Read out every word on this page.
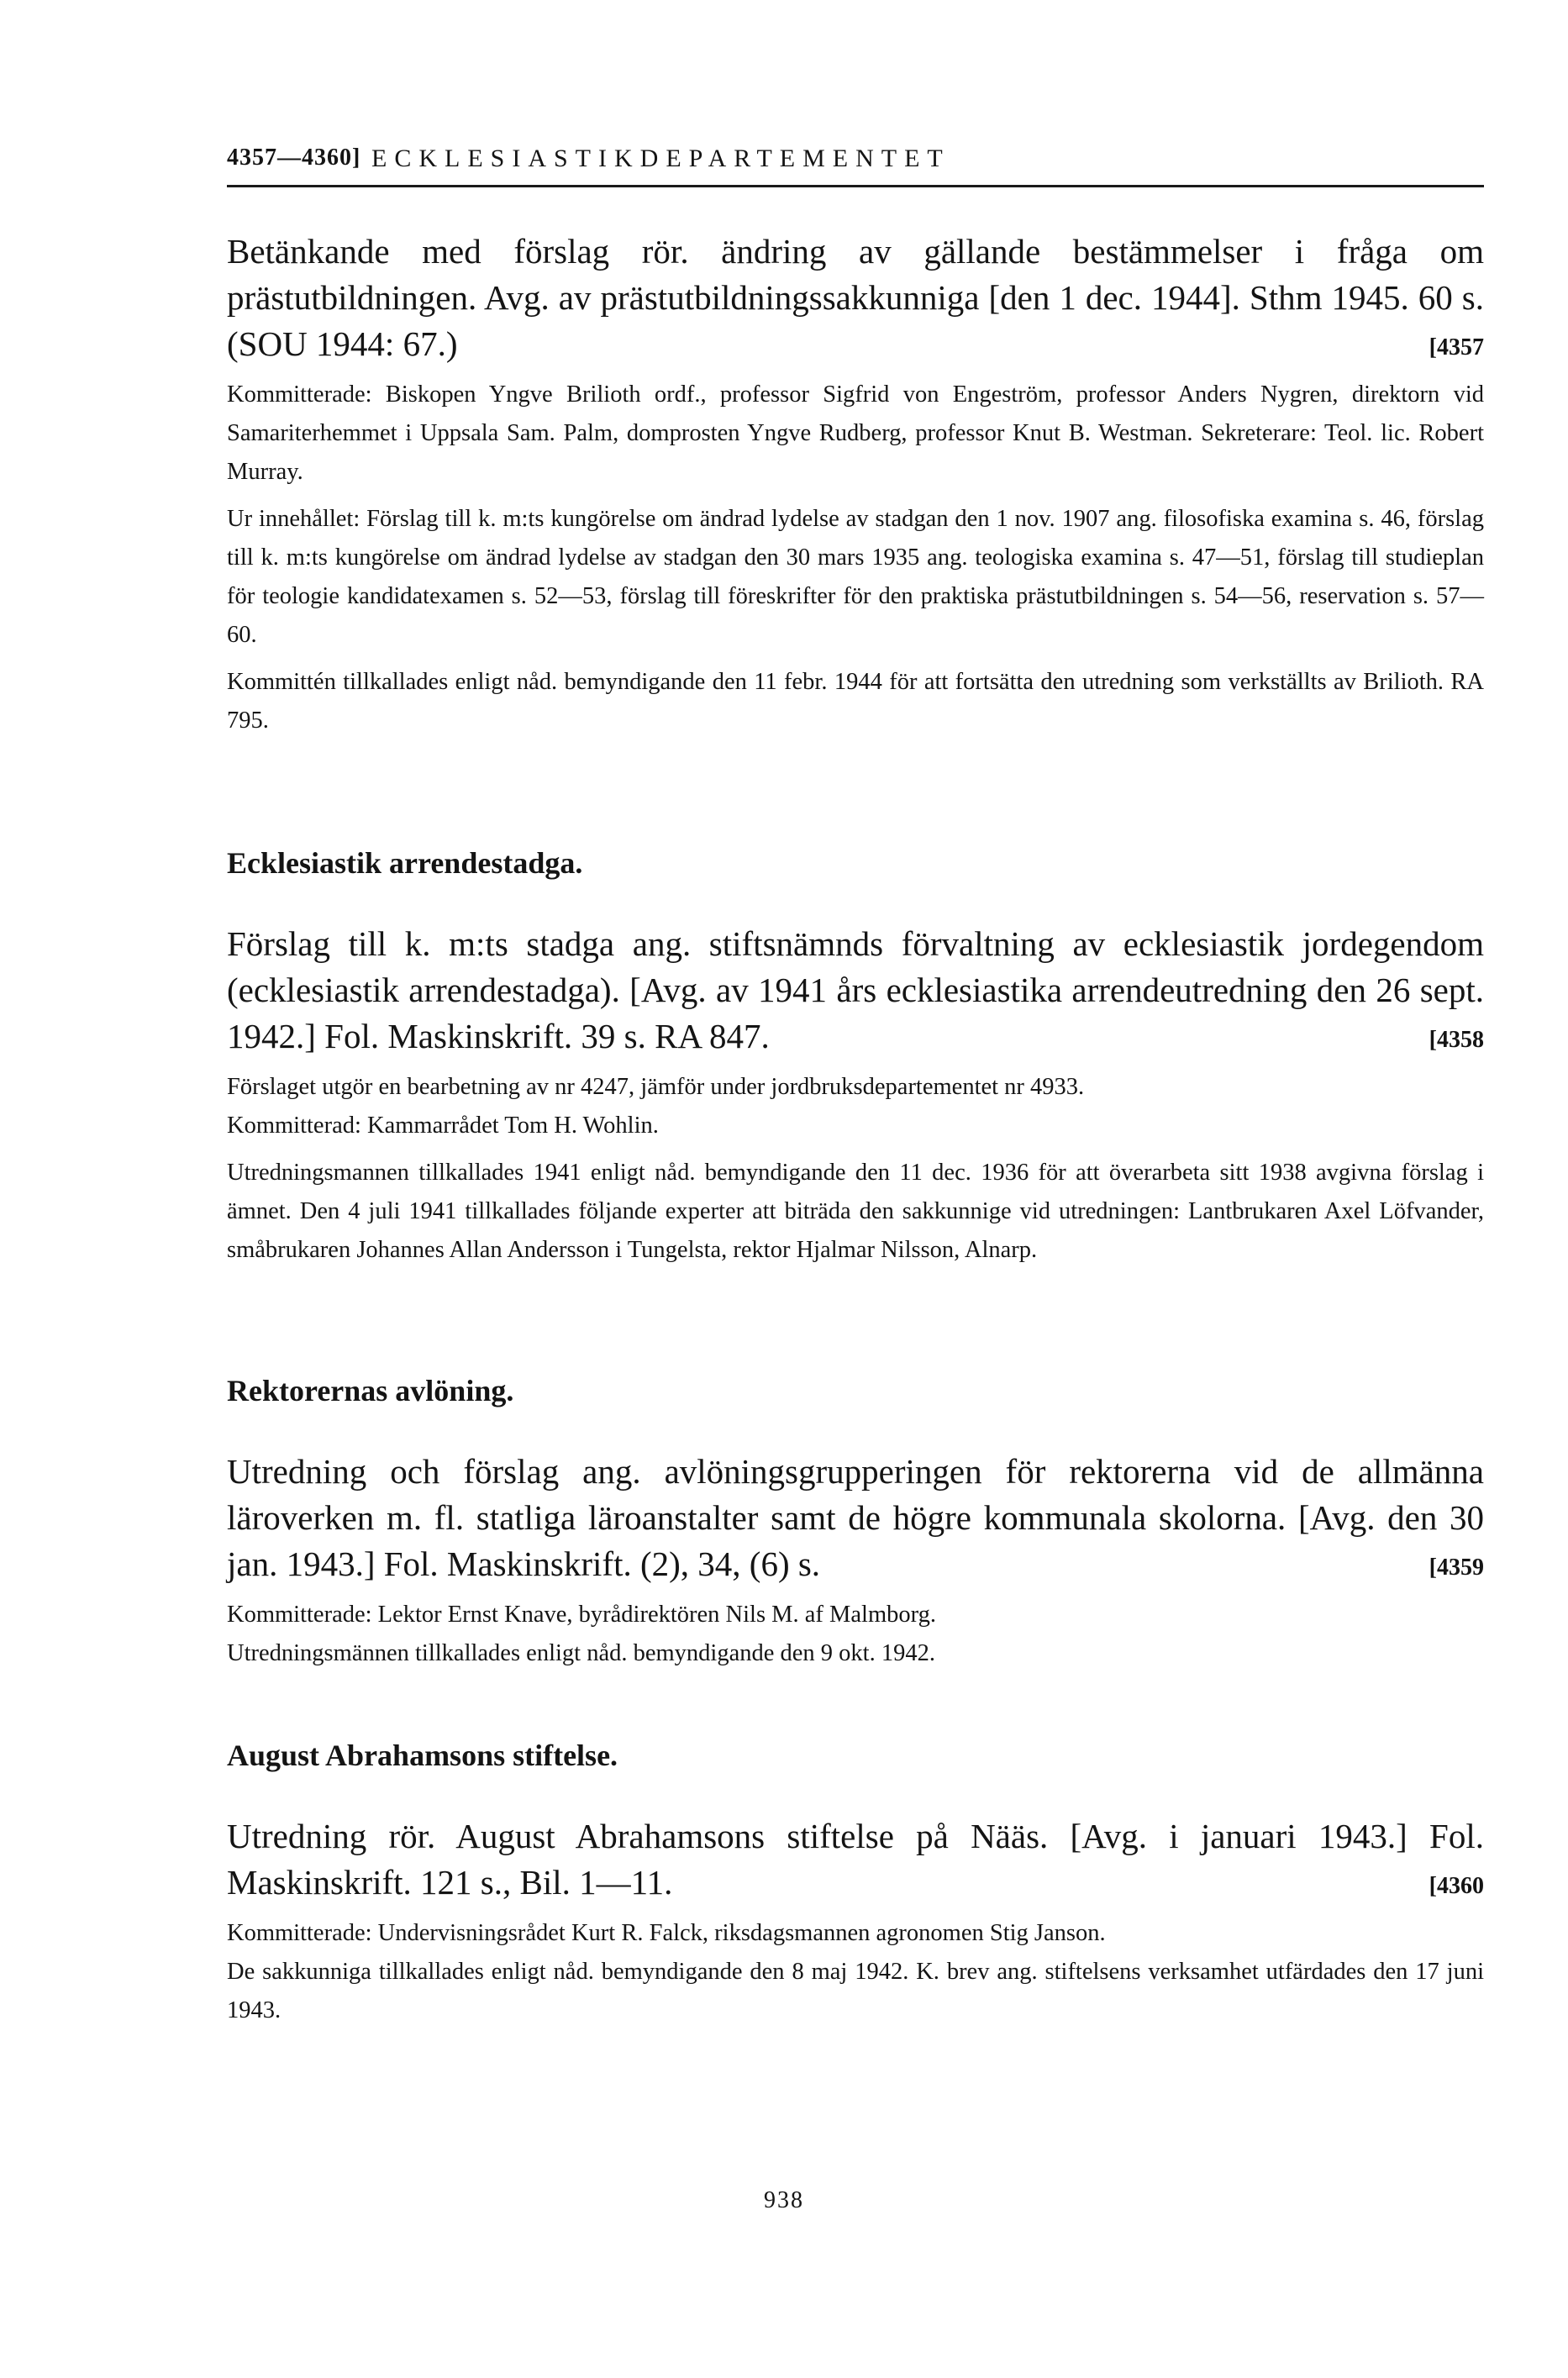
4357—4360] ECKLESIASTIKDEPARTEMENTET

Betänkande med förslag rör. ändring av gällande bestämmelser i fråga om prästutbildningen. Avg. av prästutbildningssakkunniga [den 1 dec. 1944]. Sthm 1945. 60 s. (SOU 1944: 67.)	[4357

Kommitterade: Biskopen Yngve Brilioth ordf., professor Sigfrid von Engeström, professor Anders Nygren, direktorn vid Samariterhemmet i Uppsala Sam. Palm, domprosten Yngve Rudberg, professor Knut B. Westman. Sekreterare: Teol. lic. Robert Murray.

Ur innehållet: Förslag till k. m:ts kungörelse om ändrad lydelse av stadgan den 1 nov. 1907 ang. filosofiska examina s. 46, förslag till k. m:ts kungörelse om ändrad lydelse av stadgan den 30 mars 1935 ang. teologiska examina s. 47—51, förslag till studieplan för teologie kandidatexamen s. 52—53, förslag till föreskrifter för den praktiska prästutbildningen s. 54—56, reservation s. 57—60.

Kommittén tillkallades enligt nåd. bemyndigande den 11 febr. 1944 för att fortsätta den utredning som verkställts av Brilioth. RA 795.

Ecklesiastik arrendestadga.

Förslag till k. m:ts stadga ang. stiftsnämnds förvaltning av ecklesiastik jordegendom (ecklesiastik arrendestadga). [Avg. av 1941 års ecklesiastika arrendeutredning den 26 sept. 1942.] Fol. Maskinskrift. 39 s. RA 847.	[4358

Förslaget utgör en bearbetning av nr 4247, jämför under jordbruksdepartementet nr 4933.

Kommitterad: Kammarrådet Tom H. Wohlin.

Utredningsmannen tillkallades 1941 enligt nåd. bemyndigande den 11 dec. 1936 för att överarbeta sitt 1938 avgivna förslag i ämnet. Den 4 juli 1941 tillkallades följande experter att biträda den sakkunnige vid utredningen: Lantbrukaren Axel Löfvander, småbrukaren Johannes Allan Andersson i Tungelsta, rektor Hjalmar Nilsson, Alnarp.

Rektorernas avlöning.

Utredning och förslag ang. avlöningsgrupperingen för rektorerna vid de allmänna läroverken m. fl. statliga läroanstalter samt de högre kommunala skolorna. [Avg. den 30 jan. 1943.] Fol. Maskinskrift. (2), 34, (6) s.	[4359

Kommitterade: Lektor Ernst Knave, byrådirektören Nils M. af Malmborg.

Utredningsmännen tillkallades enligt nåd. bemyndigande den 9 okt. 1942.

August Abrahamsons stiftelse.

Utredning rör. August Abrahamsons stiftelse på Nääs. [Avg. i januari 1943.] Fol. Maskinskrift. 121 s., Bil. 1—11.	[4360

Kommitterade: Undervisningsrådet Kurt R. Falck, riksdagsmannen agronomen Stig Janson.

De sakkunniga tillkallades enligt nåd. bemyndigande den 8 maj 1942. K. brev ang. stiftelsens verksamhet utfärdades den 17 juni 1943.

938
